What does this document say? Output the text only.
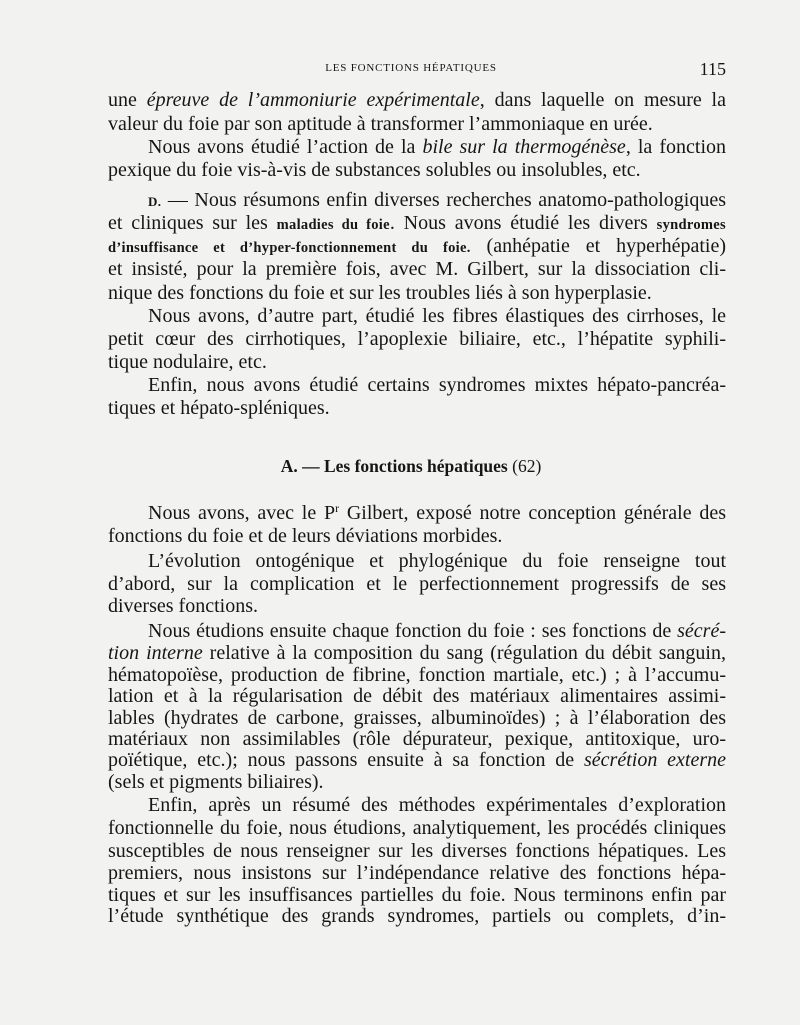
LES FONCTIONS HÉPATIQUES	115
une épreuve de l’ammoniurie expérimentale, dans laquelle on mesure la
valeur du foie par son aptitude à transformer l’ammoniaque en urée.
Nous avons étudié l’action de la bile sur la thermogénèse, la fonction
pexique du foie vis-à-vis de substances solubles ou insolubles, etc.
D. — Nous résumons enfin diverses recherches anatomo-pathologiques
et cliniques sur les maladies du foie. Nous avons étudié les divers syndromes
d’insuffisance et d’hyper-fonctionnement du foie. (anhépatie et hyperhépatie)
et insisté, pour la première fois, avec M. Gilbert, sur la dissociation cli-
nique des fonctions du foie et sur les troubles liés à son hyperplasie.
Nous avons, d’autre part, étudié les fibres élastiques des cirrhoses, le
petit cœur des cirrhotiques, l’apoplexie biliaire, etc., l’hépatite syphili-
tique nodulaire, etc.
Enfin, nous avons étudié certains syndromes mixtes hépato-pancréa-
tiques et hépato-spléniques.
A. — Les fonctions hépatiques (62)
Nous avons, avec le $P^r$ Gilbert, exposé notre conception générale des
fonctions du foie et de leurs déviations morbides.
L’évolution ontogénique et phylogénique du foie renseigne tout
d’abord, sur la complication et le perfectionnement progressifs de ses
diverses fonctions.
Nous étudions ensuite chaque fonction du foie : ses fonctions de sécré-
tion interne relative à la composition du sang (régulation du débit sanguin,
hématopoïèse, production de fibrine, fonction martiale, etc.) ; à l’accumu-
lation et à la régularisation de débit des matériaux alimentaires assimi-
lables (hydrates de carbone, graisses, albuminoïdes) ; à l’élaboration des
matériaux non assimilables (rôle dépurateur, pexique, antitoxique, uro-
poïétique, etc.); nous passons ensuite à sa fonction de sécrétion externe
(sels et pigments biliaires).
Enfin, après un résumé des méthodes expérimentales d’exploration
fonctionnelle du foie, nous étudions, analytiquement, les procédés cliniques
susceptibles de nous renseigner sur les diverses fonctions hépatiques. Les
premiers, nous insistons sur l’indépendance relative des fonctions hépa-
tiques et sur les insuffisances partielles du foie. Nous terminons enfin par
l’étude synthétique des grands syndromes, partiels ou complets, d’in-
